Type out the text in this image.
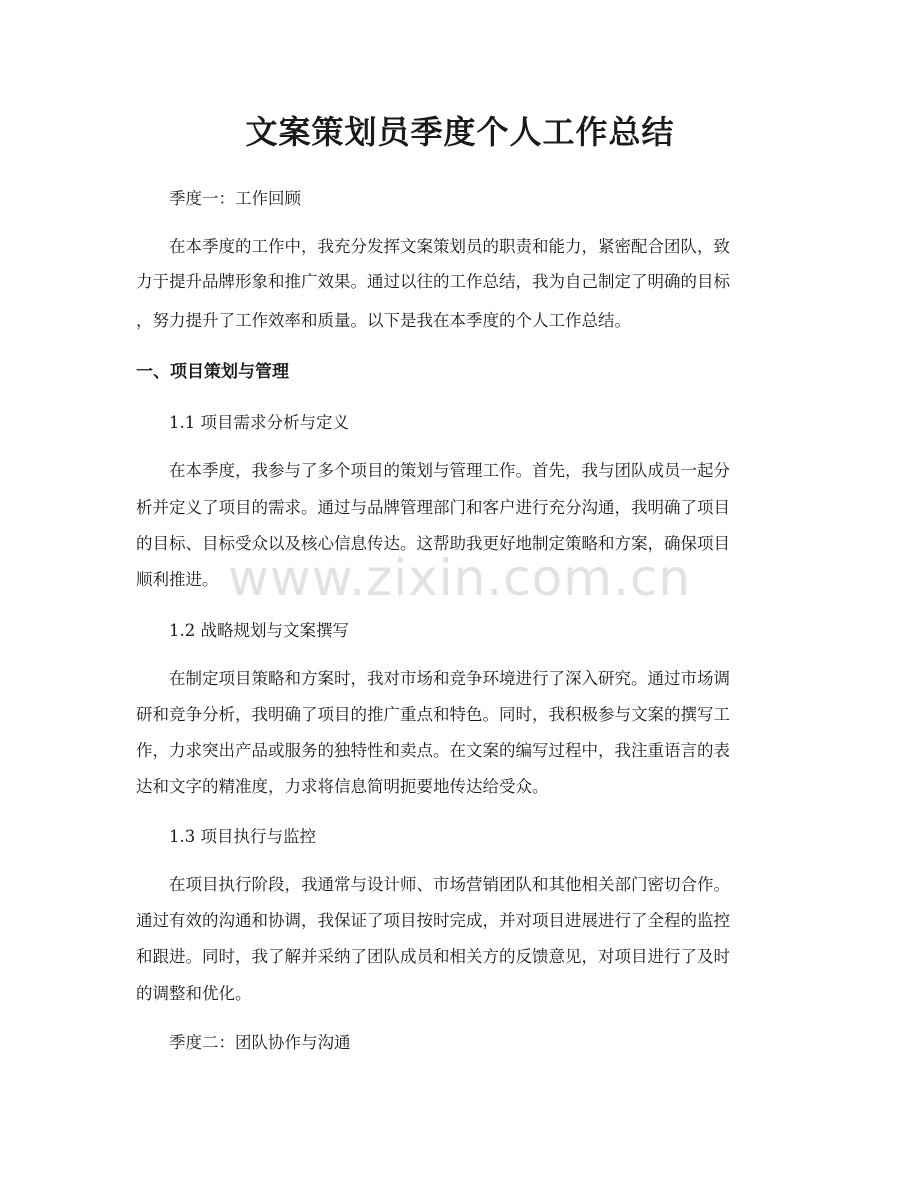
文案策划员季度个人工作总结

季度一：工作回顾

在本季度的工作中，我充分发挥文案策划员的职责和能力，紧密配合团队，致

力于提升品牌形象和推广效果。通过以往的工作总结，我为自己制定了明确的目标

，努力提升了工作效率和质量。以下是我在本季度的个人工作总结。

一、项目策划与管理

1.1 项目需求分析与定义

在本季度，我参与了多个项目的策划与管理工作。首先，我与团队成员一起分

析并定义了项目的需求。通过与品牌管理部门和客户进行充分沟通，我明确了项目

的目标、目标受众以及核心信息传达。这帮助我更好地制定策略和方案，确保项目

顺利推进。

1.2 战略规划与文案撰写

在制定项目策略和方案时，我对市场和竞争环境进行了深入研究。通过市场调

研和竞争分析，我明确了项目的推广重点和特色。同时，我积极参与文案的撰写工

作，力求突出产品或服务的独特性和卖点。在文案的编写过程中，我注重语言的表

达和文字的精准度，力求将信息简明扼要地传达给受众。

1.3 项目执行与监控

在项目执行阶段，我通常与设计师、市场营销团队和其他相关部门密切合作。

通过有效的沟通和协调，我保证了项目按时完成，并对项目进展进行了全程的监控

和跟进。同时，我了解并采纳了团队成员和相关方的反馈意见，对项目进行了及时

的调整和优化。

季度二：团队协作与沟通

www.zixin.com.cn
